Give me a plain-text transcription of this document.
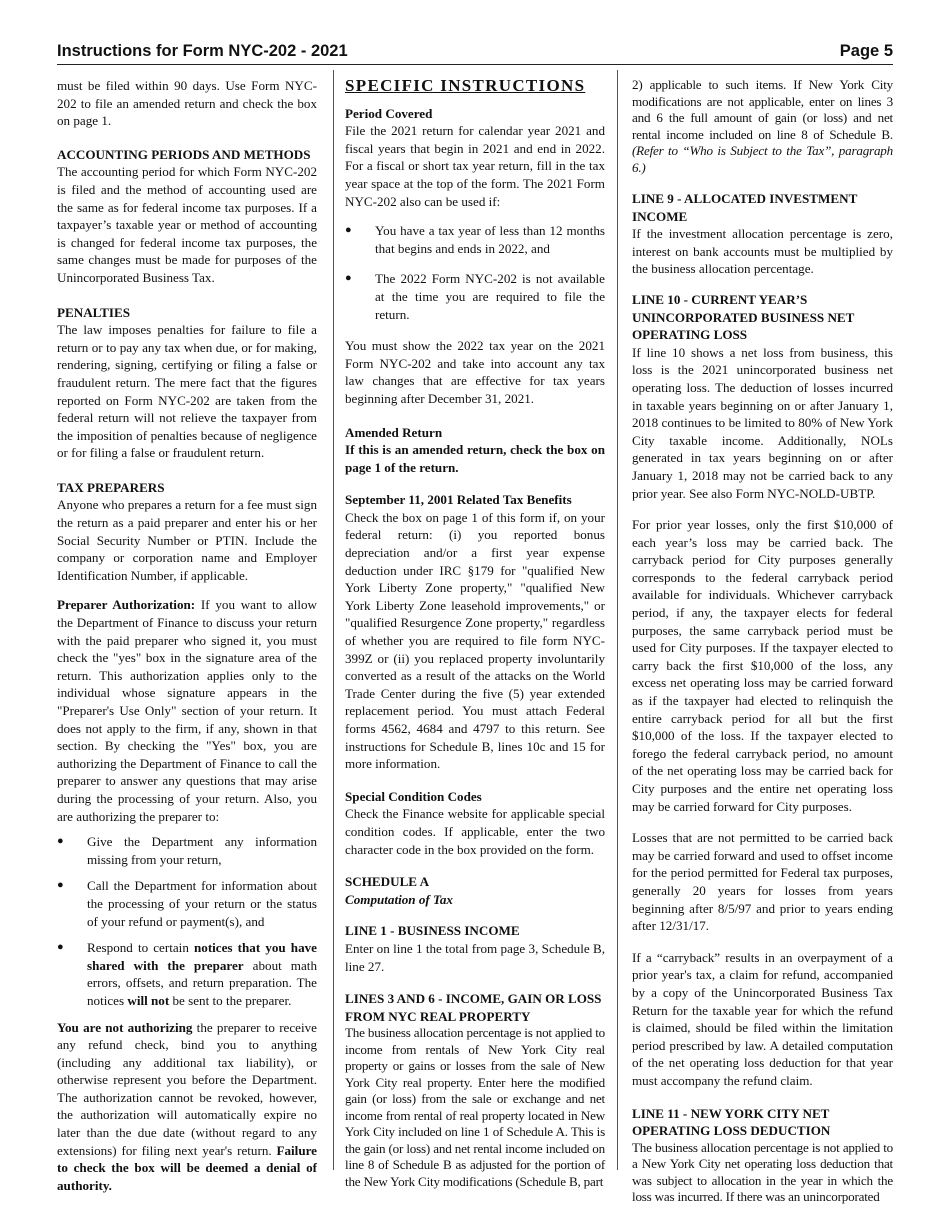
Instructions for Form NYC-202 - 2021	Page 5

must be filed within 90 days. Use Form NYC-202 to file an amended return and check the box on page 1.

ACCOUNTING PERIODS AND METHODS

The accounting period for which Form NYC-202 is filed and the method of accounting used are the same as for federal income tax purposes. If a taxpayer’s taxable year or method of accounting is changed for federal income tax purposes, the same changes must be made for purposes of the Unincorporated Business Tax.

PENALTIES

The law imposes penalties for failure to file a return or to pay any tax when due, or for making, rendering, signing, certifying or filing a false or fraudulent return. The mere fact that the figures reported on Form NYC-202 are taken from the federal return will not relieve the taxpayer from the imposition of penalties because of negligence or for filing a false or fraudulent return.

TAX PREPARERS

Anyone who prepares a return for a fee must sign the return as a paid preparer and enter his or her Social Security Number or PTIN. Include the company or corporation name and Employer Identification Number, if applicable.

Preparer Authorization: If you want to allow the Department of Finance to discuss your return with the paid preparer who signed it, you must check the "yes" box in the signature area of the return. This authorization applies only to the individual whose signature appears in the "Preparer's Use Only" section of your return. It does not apply to the firm, if any, shown in that section. By checking the "Yes" box, you are authorizing the Department of Finance to call the preparer to answer any questions that may arise during the processing of your return. Also, you are authorizing the preparer to:

● Give the Department any information missing from your return,
● Call the Department for information about the processing of your return or the status of your refund or payment(s), and
● Respond to certain notices that you have shared with the preparer about math errors, offsets, and return preparation. The notices will not be sent to the preparer.

You are not authorizing the preparer to receive any refund check, bind you to anything (including any additional tax liability), or otherwise represent you before the Department. The authorization cannot be revoked, however, the authorization will automatically expire no later than the due date (without regard to any extensions) for filing next year's return. Failure to check the box will be deemed a denial of authority.

SPECIFIC INSTRUCTIONS
Period Covered

File the 2021 return for calendar year 2021 and fiscal years that begin in 2021 and end in 2022. For a fiscal or short tax year return, fill in the tax year space at the top of the form. The 2021 Form NYC-202 also can be used if:

● You have a tax year of less than 12 months that begins and ends in 2022, and
● The 2022 Form NYC-202 is not available at the time you are required to file the return.

You must show the 2022 tax year on the 2021 Form NYC-202 and take into account any tax law changes that are effective for tax years beginning after December 31, 2021.

Amended Return

If this is an amended return, check the box on page 1 of the return.

September 11, 2001 Related Tax Benefits

Check the box on page 1 of this form if, on your federal return: (i) you reported bonus depreciation and/or a first year expense deduction under IRC §179 for "qualified New York Liberty Zone property," "qualified New York Liberty Zone leasehold improvements," or "qualified Resurgence Zone property," regardless of whether you are required to file form NYC-399Z or (ii) you replaced property involuntarily converted as a result of the attacks on the World Trade Center during the five (5) year extended replacement period. You must attach Federal forms 4562, 4684 and 4797 to this return. See instructions for Schedule B, lines 10c and 15 for more information.

Special Condition Codes

Check the Finance website for applicable special condition codes. If applicable, enter the two character code in the box provided on the form.

SCHEDULE A
Computation of Tax
LINE 1 - BUSINESS INCOME

Enter on line 1 the total from page 3, Schedule B, line 27.

LINES 3 AND 6 - INCOME, GAIN OR LOSS FROM NYC REAL PROPERTY

The business allocation percentage is not applied to income from rentals of New York City real property or gains or losses from the sale of New York City real property. Enter here the modified gain (or loss) from the sale or exchange and net income from rental of real property located in New York City included on line 1 of Schedule A. This is the gain (or loss) and net rental income included on line 8 of Schedule B as adjusted for the portion of the New York City modifications (Schedule B, part

2) applicable to such items. If New York City modifications are not applicable, enter on lines 3 and 6 the full amount of gain (or loss) and net rental income included on line 8 of Schedule B. (Refer to “Who is Subject to the Tax”, paragraph 6.)

LINE 9 - ALLOCATED INVESTMENT INCOME

If the investment allocation percentage is zero, interest on bank accounts must be multiplied by the business allocation percentage.

LINE 10 - CURRENT YEAR’S UNINCORPORATED BUSINESS NET OPERATING LOSS

If line 10 shows a net loss from business, this loss is the 2021 unincorporated business net operating loss. The deduction of losses incurred in taxable years beginning on or after January 1, 2018 continues to be limited to 80% of New York City taxable income. Additionally, NOLs generated in tax years beginning on or after January 1, 2018 may not be carried back to any prior year. See also Form NYC-NOLD-UBTP.

For prior year losses, only the first $10,000 of each year’s loss may be carried back. The carryback period for City purposes generally corresponds to the federal carryback period available for individuals. Whichever carryback period, if any, the taxpayer elects for federal purposes, the same carryback period must be used for City purposes. If the taxpayer elected to carry back the first $10,000 of the loss, any excess net operating loss may be carried forward as if the taxpayer had elected to relinquish the entire carryback period for all but the first $10,000 of the loss. If the taxpayer elected to forego the federal carryback period, no amount of the net operating loss may be carried back for City purposes and the entire net operating loss may be carried forward for City purposes.

Losses that are not permitted to be carried back may be carried forward and used to offset income for the period permitted for Federal tax purposes, generally 20 years for losses from years beginning after 8/5/97 and prior to years ending after 12/31/17.

If a “carryback” results in an overpayment of a prior year's tax, a claim for refund, accompanied by a copy of the Unincorporated Business Tax Return for the taxable year for which the refund is claimed, should be filed within the limitation period prescribed by law. A detailed computation of the net operating loss deduction for that year must accompany the refund claim.

LINE 11 - NEW YORK CITY NET OPERATING LOSS DEDUCTION

The business allocation percentage is not applied to a New York City net operating loss deduction that was subject to allocation in the year in which the loss was incurred. If there was an unincorporated
